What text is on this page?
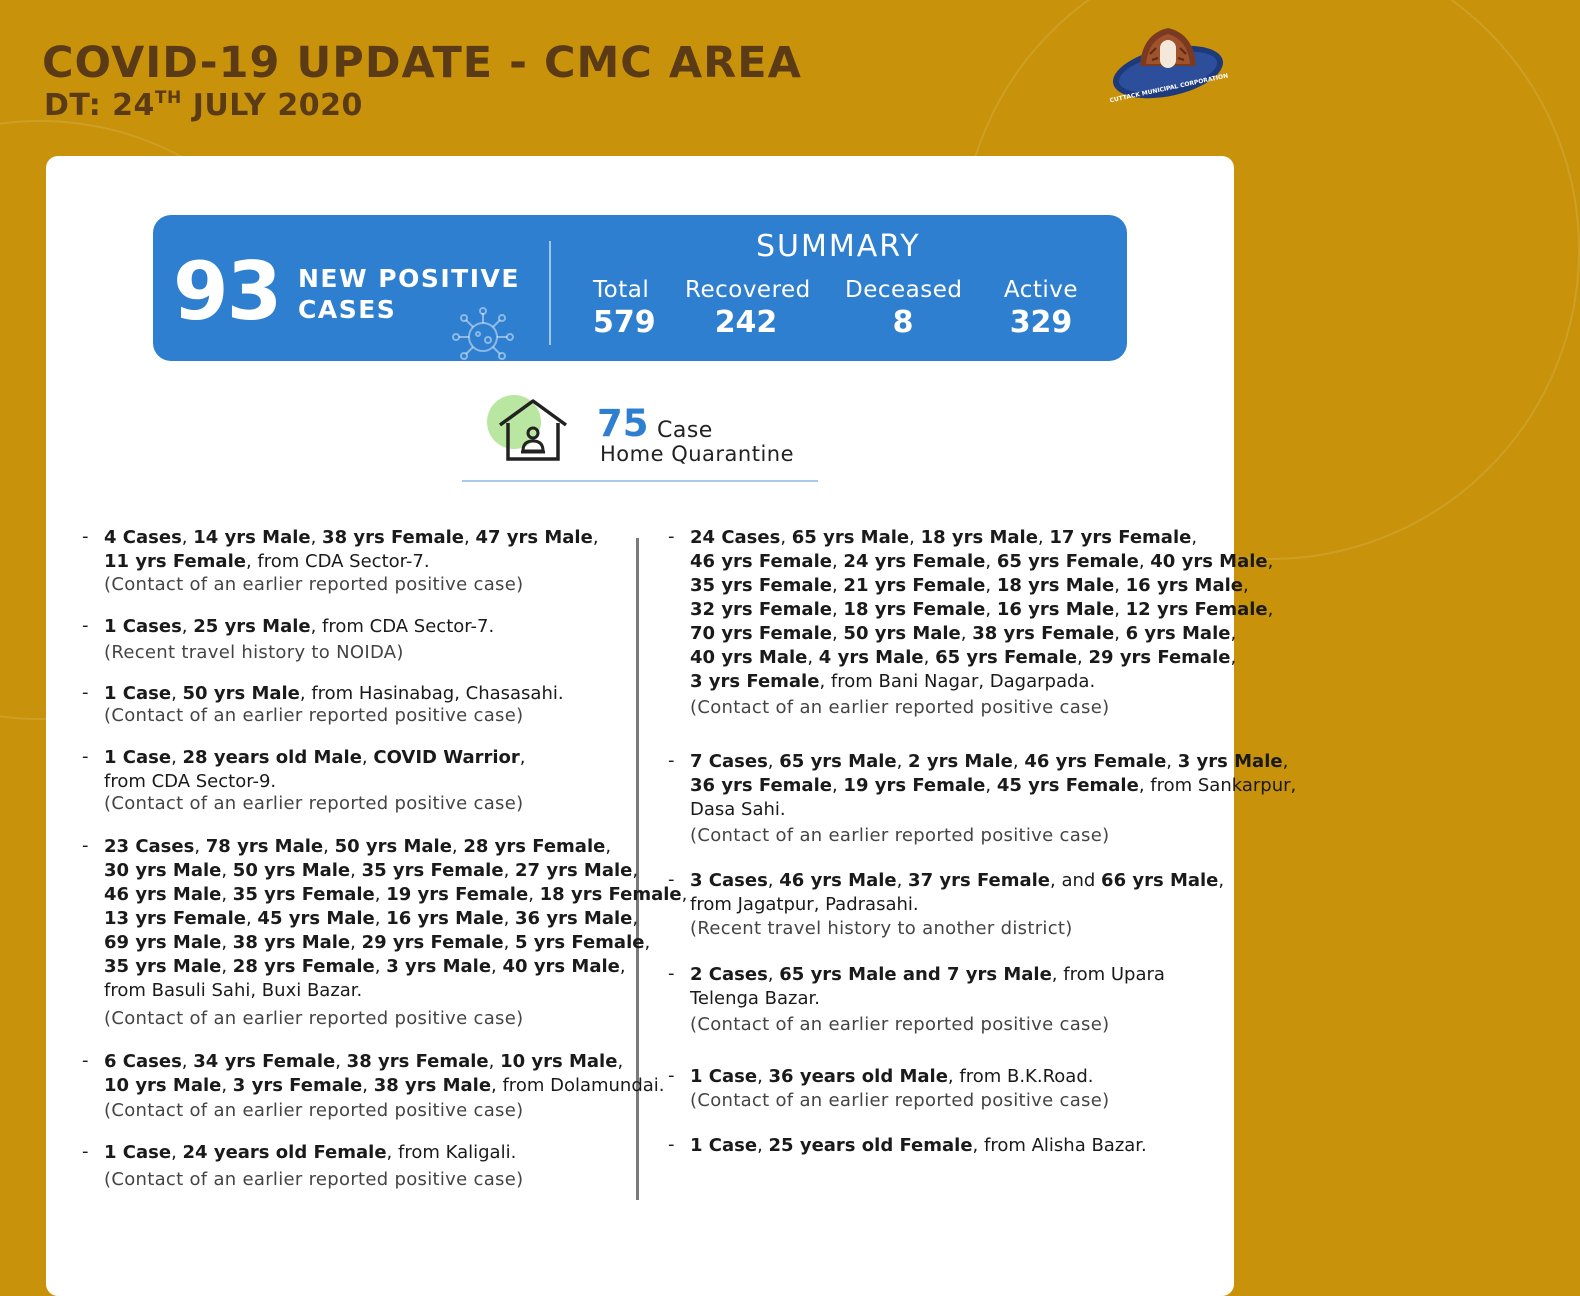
COVID-19 UPDATE - CMC AREA
DT: 24TH JULY 2020	CUTTACK MUNICIPAL CORPORATION
93 NEW POSITIVE
CASES
SUMMARY
Total
579
Recovered
242
Deceased
8
Active
329
75 Case
Home Quarantine
- 4 Cases, 14 yrs Male, 38 yrs Female, 47 yrs Male,
11 yrs Female, from CDA Sector-7.
(Contact of an earlier reported positive case)
- 1 Cases, 25 yrs Male, from CDA Sector-7.
(Recent travel history to NOIDA)
- 1 Case, 50 yrs Male, from Hasinabag, Chasasahi.
(Contact of an earlier reported positive case)
- 1 Case, 28 years old Male, COVID Warrior,
from CDA Sector-9.
(Contact of an earlier reported positive case)
- 23 Cases, 78 yrs Male, 50 yrs Male, 28 yrs Female,
30 yrs Male, 50 yrs Male, 35 yrs Female, 27 yrs Male,
46 yrs Male, 35 yrs Female, 19 yrs Female, 18 yrs Female,
13 yrs Female, 45 yrs Male, 16 yrs Male, 36 yrs Male,
69 yrs Male, 38 yrs Male, 29 yrs Female, 5 yrs Female,
35 yrs Male, 28 yrs Female, 3 yrs Male, 40 yrs Male,
from Basuli Sahi, Buxi Bazar.
(Contact of an earlier reported positive case)
- 6 Cases, 34 yrs Female, 38 yrs Female, 10 yrs Male,
10 yrs Male, 3 yrs Female, 38 yrs Male, from Dolamundai.
(Contact of an earlier reported positive case)
- 1 Case, 24 years old Female, from Kaligali.
(Contact of an earlier reported positive case)
- 24 Cases, 65 yrs Male, 18 yrs Male, 17 yrs Female,
46 yrs Female, 24 yrs Female, 65 yrs Female, 40 yrs Male,
35 yrs Female, 21 yrs Female, 18 yrs Male, 16 yrs Male,
32 yrs Female, 18 yrs Female, 16 yrs Male, 12 yrs Female,
70 yrs Female, 50 yrs Male, 38 yrs Female, 6 yrs Male,
40 yrs Male, 4 yrs Male, 65 yrs Female, 29 yrs Female,
3 yrs Female, from Bani Nagar, Dagarpada.
(Contact of an earlier reported positive case)
- 7 Cases, 65 yrs Male, 2 yrs Male, 46 yrs Female, 3 yrs Male,
36 yrs Female, 19 yrs Female, 45 yrs Female, from Sankarpur,
Dasa Sahi.
(Contact of an earlier reported positive case)
- 3 Cases, 46 yrs Male, 37 yrs Female, and 66 yrs Male,
from Jagatpur, Padrasahi.
(Recent travel history to another district)
- 2 Cases, 65 yrs Male and 7 yrs Male, from Upara
Telenga Bazar.
(Contact of an earlier reported positive case)
- 1 Case, 36 years old Male, from B.K.Road.
(Contact of an earlier reported positive case)
- 1 Case, 25 years old Female, from Alisha Bazar.
